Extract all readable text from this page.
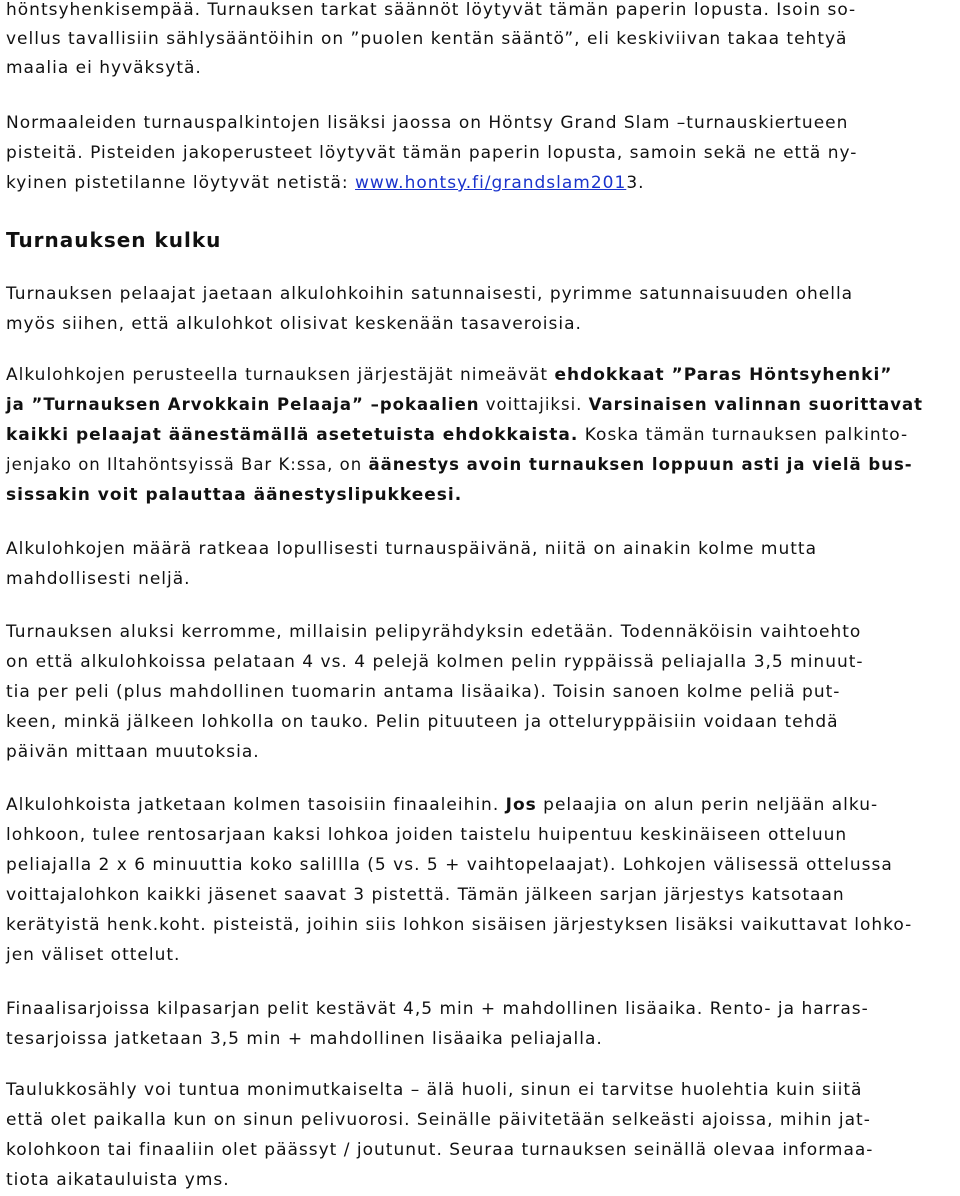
höntsyhenkisempää. Turnauksen tarkat säännöt löytyvät tämän paperin lopusta. Isoin so-
vellus tavallisiin sählysääntöihin on ”puolen kentän sääntö”, eli keskiviivan takaa tehtyä
maalia ei hyväksytä.
Normaaleiden turnauspalkintojen lisäksi jaossa on Höntsy Grand Slam –turnauskiertueen
pisteitä. Pisteiden jakoperusteet löytyvät tämän paperin lopusta, samoin sekä ne että ny-
kyinen pistetilanne löytyvät netistä: www.hontsy.fi/grandslam2013.
Turnauksen kulku
Turnauksen pelaajat jaetaan alkulohkoihin satunnaisesti, pyrimme satunnaisuuden ohella
myös siihen, että alkulohkot olisivat keskenään tasaveroisia.
Alkulohkojen perusteella turnauksen järjestäjät nimeävät ehdokkaat ”Paras Höntsyhenki”
ja ”Turnauksen Arvokkain Pelaaja” –pokaalien voittajiksi. Varsinaisen valinnan suorittavat
kaikki pelaajat äänestämällä asetetuista ehdokkaista. Koska tämän turnauksen palkinto-
jenjako on Iltahöntsyissä Bar K:ssa, on äänestys avoin turnauksen loppuun asti ja vielä bus-
sissakin voit palauttaa äänestyslipukkeesi.
Alkulohkojen määrä ratkeaa lopullisesti turnauspäivänä, niitä on ainakin kolme mutta
mahdollisesti neljä.
Turnauksen aluksi kerromme, millaisin pelipyrähdyksin edetään. Todennäköisin vaihtoehto
on että alkulohkoissa pelataan 4 vs. 4 pelejä kolmen pelin ryppäissä peliajalla 3,5 minuut-
tia per peli (plus mahdollinen tuomarin antama lisäaika). Toisin sanoen kolme peliä put-
keen, minkä jälkeen lohkolla on tauko. Pelin pituuteen ja otteluryppäisiin voidaan tehdä
päivän mittaan muutoksia.
Alkulohkoista jatketaan kolmen tasoisiin finaaleihin. Jos pelaajia on alun perin neljään alku-
lohkoon, tulee rentosarjaan kaksi lohkoa joiden taistelu huipentuu keskinäiseen otteluun
peliajalla 2 x 6 minuuttia koko salillla (5 vs. 5 + vaihtopelaajat). Lohkojen välisessä ottelussa
voittajalohkon kaikki jäsenet saavat 3 pistettä. Tämän jälkeen sarjan järjestys katsotaan
kerätyistä henk.koht. pisteistä, joihin siis lohkon sisäisen järjestyksen lisäksi vaikuttavat lohko-
jen väliset ottelut.
Finaalisarjoissa kilpasarjan pelit kestävät 4,5 min + mahdollinen lisäaika. Rento- ja harras-
tesarjoissa jatketaan 3,5 min + mahdollinen lisäaika peliajalla.
Taulukkosähly voi tuntua monimutkaiselta – älä huoli, sinun ei tarvitse huolehtia kuin siitä
että olet paikalla kun on sinun pelivuorosi. Seinälle päivitetään selkeästi ajoissa, mihin jat-
kolohkoon tai finaaliin olet päässyt / joutunut. Seuraa turnauksen seinällä olevaa informaa-
tiota aikatauluista yms.
